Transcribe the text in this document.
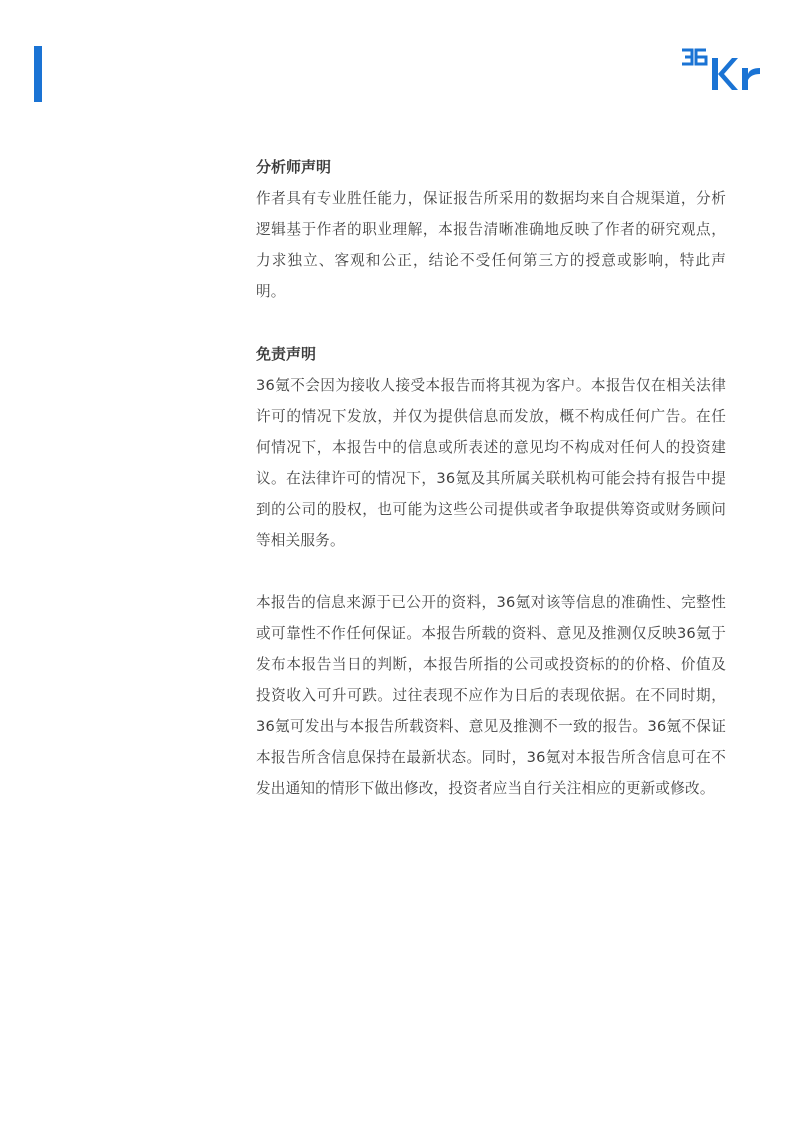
分析师声明

作者具有专业胜任能力，保证报告所采用的数据均来自合规渠道，分析逻辑基于作者的职业理解，本报告清晰准确地反映了作者的研究观点，力求独立、客观和公正，结论不受任何第三方的授意或影响，特此声明。

免责声明

36氪不会因为接收人接受本报告而将其视为客户。本报告仅在相关法律许可的情况下发放，并仅为提供信息而发放，概不构成任何广告。在任何情况下，本报告中的信息或所表述的意见均不构成对任何人的投资建议。在法律许可的情况下，36氪及其所属关联机构可能会持有报告中提到的公司的股权，也可能为这些公司提供或者争取提供筹资或财务顾问等相关服务。

本报告的信息来源于已公开的资料，36氪对该等信息的准确性、完整性或可靠性不作任何保证。本报告所载的资料、意见及推测仅反映36氪于发布本报告当日的判断，本报告所指的公司或投资标的的价格、价值及投资收入可升可跌。过往表现不应作为日后的表现依据。在不同时期，36氪可发出与本报告所载资料、意见及推测不一致的报告。36氪不保证本报告所含信息保持在最新状态。同时，36氪对本报告所含信息可在不发出通知的情形下做出修改，投资者应当自行关注相应的更新或修改。
